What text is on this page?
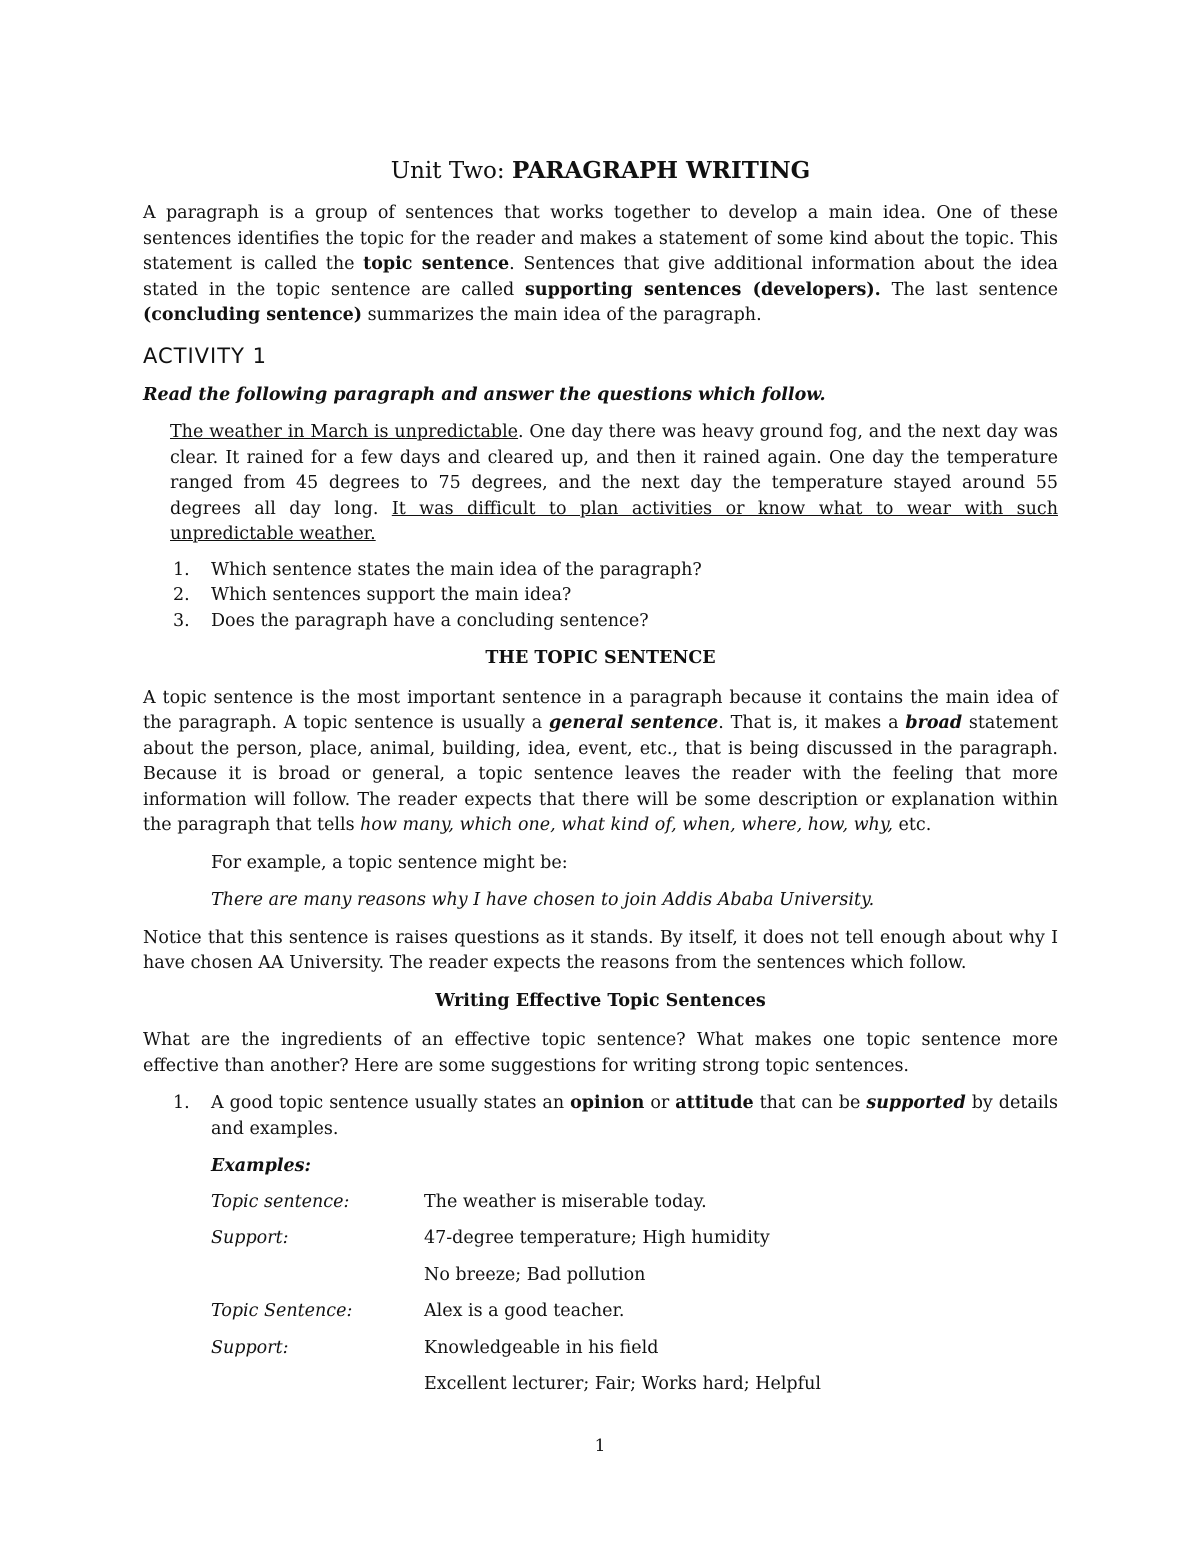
Unit Two: PARAGRAPH WRITING

A paragraph is a group of sentences that works together to develop a main idea. One of these sentences identifies the topic for the reader and makes a statement of some kind about the topic. This statement is called the topic sentence. Sentences that give additional information about the idea stated in the topic sentence are called supporting sentences (developers). The last sentence (concluding sentence) summarizes the main idea of the paragraph.

ACTIVITY 1

Read the following paragraph and answer the questions which follow.

The weather in March is unpredictable. One day there was heavy ground fog, and the next day was clear. It rained for a few days and cleared up, and then it rained again. One day the temperature ranged from 45 degrees to 75 degrees, and the next day the temperature stayed around 55 degrees all day long. It was difficult to plan activities or know what to wear with such unpredictable weather.

1. Which sentence states the main idea of the paragraph?
2. Which sentences support the main idea?
3. Does the paragraph have a concluding sentence?
THE TOPIC SENTENCE

A topic sentence is the most important sentence in a paragraph because it contains the main idea of the paragraph. A topic sentence is usually a general sentence. That is, it makes a broad statement about the person, place, animal, building, idea, event, etc., that is being discussed in the paragraph. Because it is broad or general, a topic sentence leaves the reader with the feeling that more information will follow. The reader expects that there will be some description or explanation within the paragraph that tells how many, which one, what kind of, when, where, how, why, etc.

For example, a topic sentence might be:

There are many reasons why I have chosen to join Addis Ababa University.

Notice that this sentence is raises questions as it stands. By itself, it does not tell enough about why I have chosen AA University. The reader expects the reasons from the sentences which follow.

Writing Effective Topic Sentences

What are the ingredients of an effective topic sentence? What makes one topic sentence more effective than another? Here are some suggestions for writing strong topic sentences.

1. A good topic sentence usually states an opinion or attitude that can be supported by details and examples.
Examples:
Topic sentence:	The weather is miserable today.
Support:	47-degree temperature; High humidity
	No breeze; Bad pollution
Topic Sentence:	Alex is a good teacher.
Support:	Knowledgeable in his field
	Excellent lecturer; Fair; Works hard; Helpful
1
